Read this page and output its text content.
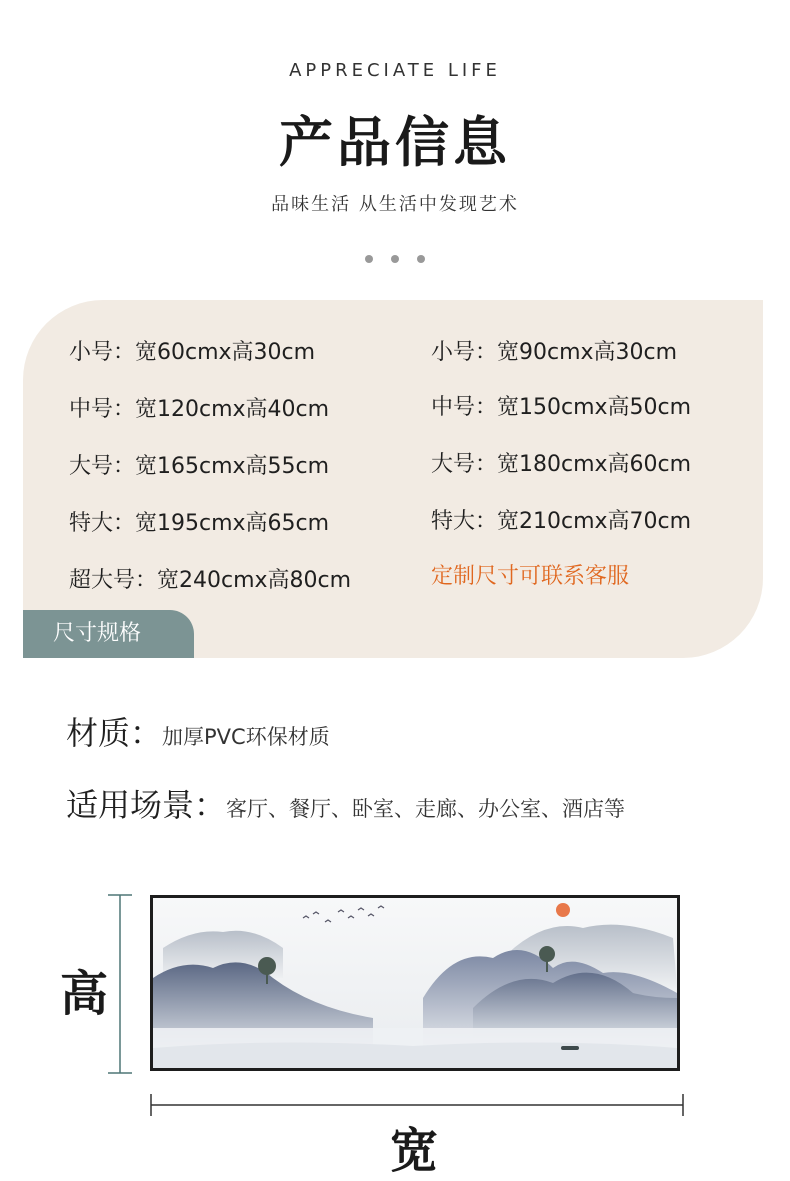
APPRECIATE LIFE
产品信息
品味生活 从生活中发现艺术
小号：宽60cmx高30cm	小号：宽90cmx高30cm
中号：宽120cmx高40cm	中号：宽150cmx高50cm
大号：宽165cmx高55cm	大号：宽180cmx高60cm
特大：宽195cmx高65cm	特大：宽210cmx高70cm
超大号：宽240cmx高80cm	定制尺寸可联系客服
尺寸规格
材质：加厚PVC环保材质
适用场景：客厅、餐厅、卧室、走廊、办公室、酒店等
高
宽
